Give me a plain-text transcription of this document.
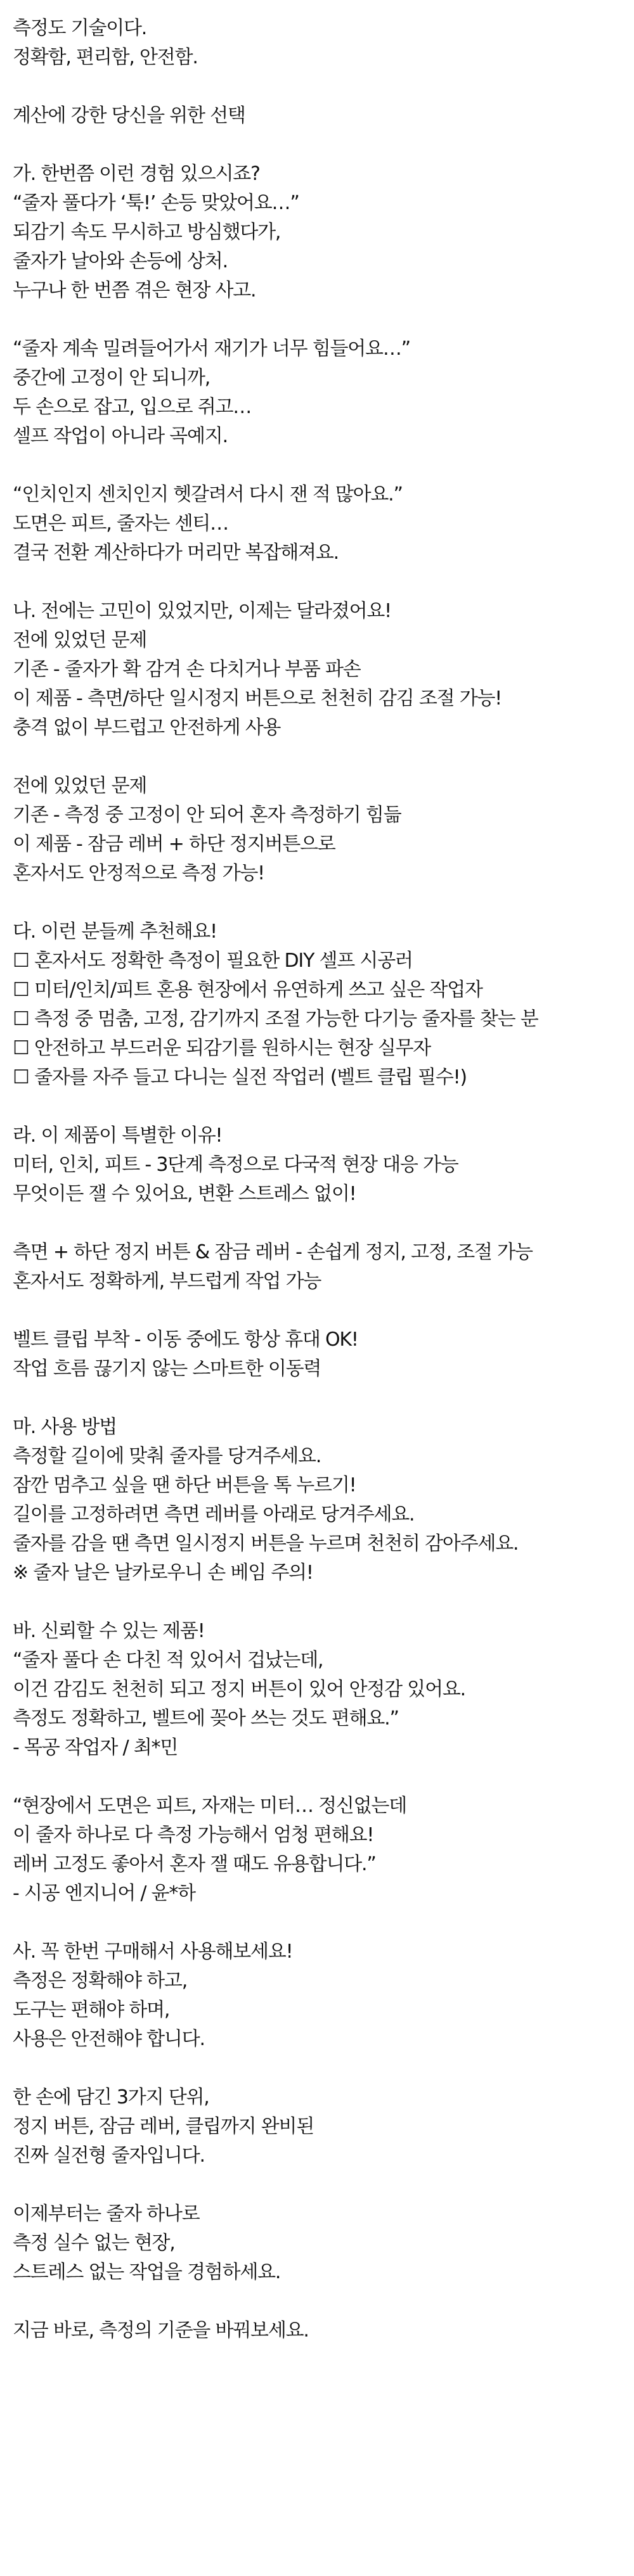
측정도 기술이다.
정확함, 편리함, 안전함.
계산에 강한 당신을 위한 선택
가. 한번쯤 이런 경험 있으시죠?
“줄자 풀다가 ‘툭!’ 손등 맞았어요…”
되감기 속도 무시하고 방심했다가,
줄자가 날아와 손등에 상처.
누구나 한 번쯤 겪은 현장 사고.
“줄자 계속 밀려들어가서 재기가 너무 힘들어요…”
중간에 고정이 안 되니까,
두 손으로 잡고, 입으로 쥐고…
셀프 작업이 아니라 곡예지.
“인치인지 센치인지 헷갈려서 다시 잰 적 많아요.”
도면은 피트, 줄자는 센티…
결국 전환 계산하다가 머리만 복잡해져요.
나. 전에는 고민이 있었지만, 이제는 달라졌어요!
전에 있었던 문제
기존 - 줄자가 확 감겨 손 다치거나 부품 파손
이 제품 - 측면/하단 일시정지 버튼으로 천천히 감김 조절 가능!
충격 없이 부드럽고 안전하게 사용
전에 있었던 문제
기존 - 측정 중 고정이 안 되어 혼자 측정하기 힘듦
이 제품 - 잠금 레버 + 하단 정지버튼으로
혼자서도 안정적으로 측정 가능!
다. 이런 분들께 추천해요!
☐ 혼자서도 정확한 측정이 필요한 DIY 셀프 시공러
☐ 미터/인치/피트 혼용 현장에서 유연하게 쓰고 싶은 작업자
☐ 측정 중 멈춤, 고정, 감기까지 조절 가능한 다기능 줄자를 찾는 분
☐ 안전하고 부드러운 되감기를 원하시는 현장 실무자
☐ 줄자를 자주 들고 다니는 실전 작업러 (벨트 클립 필수!)
라. 이 제품이 특별한 이유!
미터, 인치, 피트 - 3단계 측정으로 다국적 현장 대응 가능
무엇이든 잴 수 있어요, 변환 스트레스 없이!
측면 + 하단 정지 버튼 & 잠금 레버 - 손쉽게 정지, 고정, 조절 가능
혼자서도 정확하게, 부드럽게 작업 가능
벨트 클립 부착 - 이동 중에도 항상 휴대 OK!
작업 흐름 끊기지 않는 스마트한 이동력
마. 사용 방법
측정할 길이에 맞춰 줄자를 당겨주세요.
잠깐 멈추고 싶을 땐 하단 버튼을 톡 누르기!
길이를 고정하려면 측면 레버를 아래로 당겨주세요.
줄자를 감을 땐 측면 일시정지 버튼을 누르며 천천히 감아주세요.
※ 줄자 날은 날카로우니 손 베임 주의!
바. 신뢰할 수 있는 제품!
“줄자 풀다 손 다친 적 있어서 겁났는데,
이건 감김도 천천히 되고 정지 버튼이 있어 안정감 있어요.
측정도 정확하고, 벨트에 꽂아 쓰는 것도 편해요.”
- 목공 작업자 / 최*민
“현장에서 도면은 피트, 자재는 미터… 정신없는데
이 줄자 하나로 다 측정 가능해서 엄청 편해요!
레버 고정도 좋아서 혼자 잴 때도 유용합니다.”
- 시공 엔지니어 / 윤*하
사. 꼭 한번 구매해서 사용해보세요!
측정은 정확해야 하고,
도구는 편해야 하며,
사용은 안전해야 합니다.
한 손에 담긴 3가지 단위,
정지 버튼, 잠금 레버, 클립까지 완비된
진짜 실전형 줄자입니다.
이제부터는 줄자 하나로
측정 실수 없는 현장,
스트레스 없는 작업을 경험하세요.
지금 바로, 측정의 기준을 바꿔보세요.
